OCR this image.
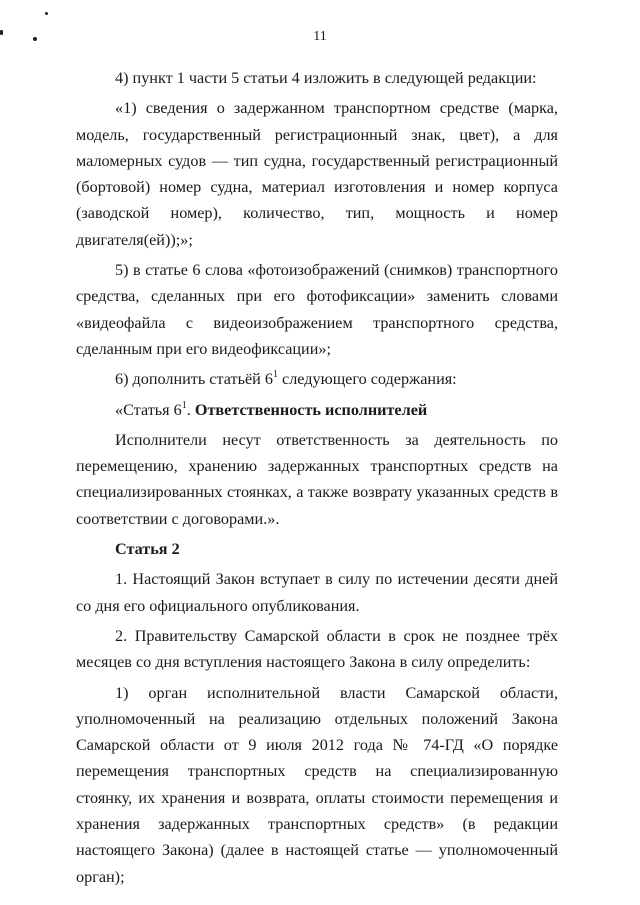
11

4) пункт 1 части 5 статьи 4 изложить в следующей редакции:

«1) сведения о задержанном транспортном средстве (марка, модель, государственный регистрационный знак, цвет), а для маломерных судов — тип судна, государственный регистрационный (бортовой) номер судна, материал изготовления и номер корпуса (заводской номер), количество, тип, мощность и номер двигателя(ей));»;

5) в статье 6 слова «фотоизображений (снимков) транспортного средства, сделанных при его фотофиксации» заменить словами «видеофайла с видеоизображением транспортного средства, сделанным при его видеофиксации»;

6) дополнить статьёй $6^1$ следующего содержания:

«Статья $6^1$. Ответственность исполнителей

Исполнители несут ответственность за деятельность по перемещению, хранению задержанных транспортных средств на специализированных стоянках, а также возврату указанных средств в соответствии с договорами.».

Статья 2

1. Настоящий Закон вступает в силу по истечении десяти дней со дня его официального опубликования.

2. Правительству Самарской области в срок не позднее трёх месяцев со дня вступления настоящего Закона в силу определить:

1) орган исполнительной власти Самарской области, уполномоченный на реализацию отдельных положений Закона Самарской области от 9 июля 2012 года № 74-ГД «О порядке перемещения транспортных средств на специализированную стоянку, их хранения и возврата, оплаты стоимости перемещения и хранения задержанных транспортных средств» (в редакции настоящего Закона) (далее в настоящей статье — уполномоченный орган);
